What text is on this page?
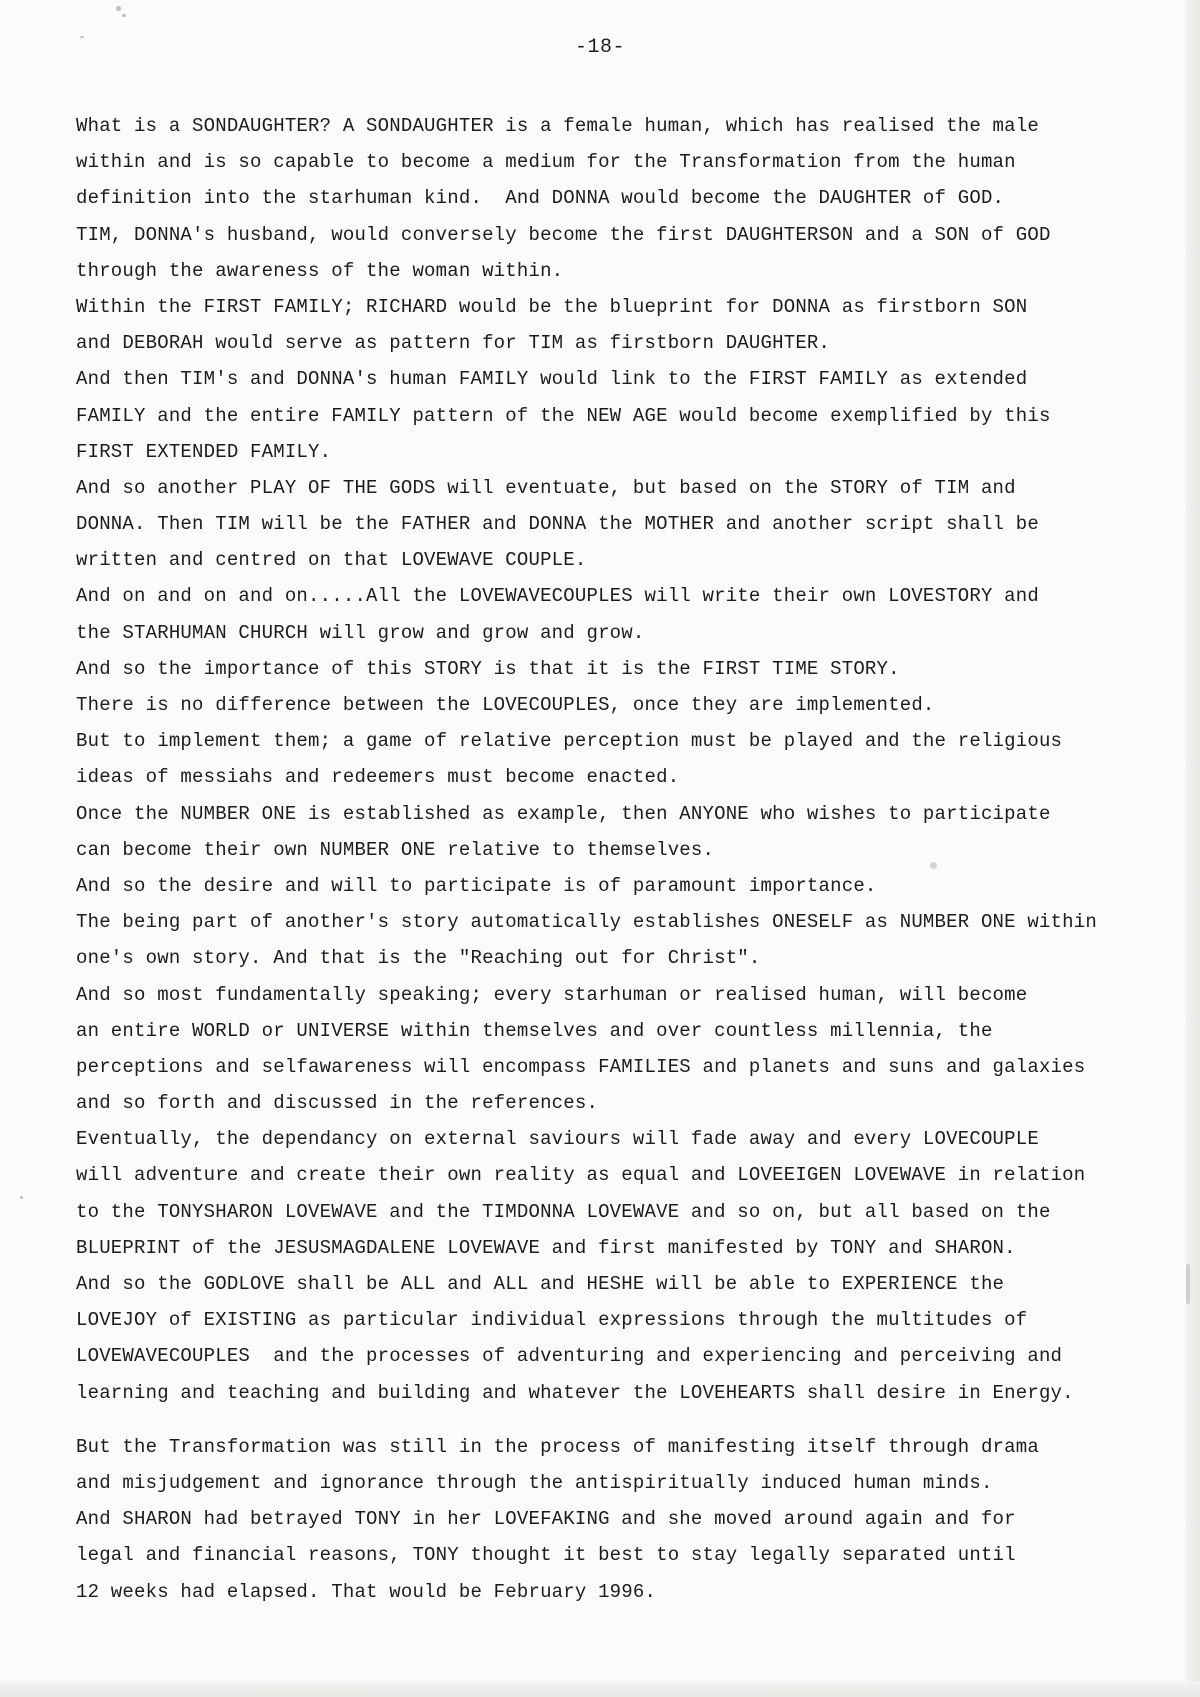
-18-
What is a SONDAUGHTER? A SONDAUGHTER is a female human, which has realised the male
within and is so capable to become a medium for the Transformation from the human
definition into the starhuman kind.  And DONNA would become the DAUGHTER of GOD.
TIM, DONNA's husband, would conversely become the first DAUGHTERSON and a SON of GOD
through the awareness of the woman within.
Within the FIRST FAMILY; RICHARD would be the blueprint for DONNA as firstborn SON
and DEBORAH would serve as pattern for TIM as firstborn DAUGHTER.
And then TIM's and DONNA's human FAMILY would link to the FIRST FAMILY as extended
FAMILY and the entire FAMILY pattern of the NEW AGE would become exemplified by this
FIRST EXTENDED FAMILY.
And so another PLAY OF THE GODS will eventuate, but based on the STORY of TIM and
DONNA. Then TIM will be the FATHER and DONNA the MOTHER and another script shall be
written and centred on that LOVEWAVE COUPLE.
And on and on and on.....All the LOVEWAVECOUPLES will write their own LOVESTORY and
the STARHUMAN CHURCH will grow and grow and grow.
And so the importance of this STORY is that it is the FIRST TIME STORY.
There is no difference between the LOVECOUPLES, once they are implemented.
But to implement them; a game of relative perception must be played and the religious
ideas of messiahs and redeemers must become enacted.
Once the NUMBER ONE is established as example, then ANYONE who wishes to participate
can become their own NUMBER ONE relative to themselves.
And so the desire and will to participate is of paramount importance.
The being part of another's story automatically establishes ONESELF as NUMBER ONE within
one's own story. And that is the "Reaching out for Christ".
And so most fundamentally speaking; every starhuman or realised human, will become
an entire WORLD or UNIVERSE within themselves and over countless millennia, the
perceptions and selfawareness will encompass FAMILIES and planets and suns and galaxies
and so forth and discussed in the references.
Eventually, the dependancy on external saviours will fade away and every LOVECOUPLE
will adventure and create their own reality as equal and LOVEEIGEN LOVEWAVE in relation
to the TONYSHARON LOVEWAVE and the TIMDONNA LOVEWAVE and so on, but all based on the
BLUEPRINT of the JESUSMAGDALENE LOVEWAVE and first manifested by TONY and SHARON.
And so the GODLOVE shall be ALL and ALL and HESHE will be able to EXPERIENCE the
LOVEJOY of EXISTING as particular individual expressions through the multitudes of
LOVEWAVECOUPLES  and the processes of adventuring and experiencing and perceiving and
learning and teaching and building and whatever the LOVEHEARTS shall desire in Energy.
But the Transformation was still in the process of manifesting itself through drama
and misjudgement and ignorance through the antispiritually induced human minds.
And SHARON had betrayed TONY in her LOVEFAKING and she moved around again and for
legal and financial reasons, TONY thought it best to stay legally separated until
12 weeks had elapsed. That would be February 1996.
